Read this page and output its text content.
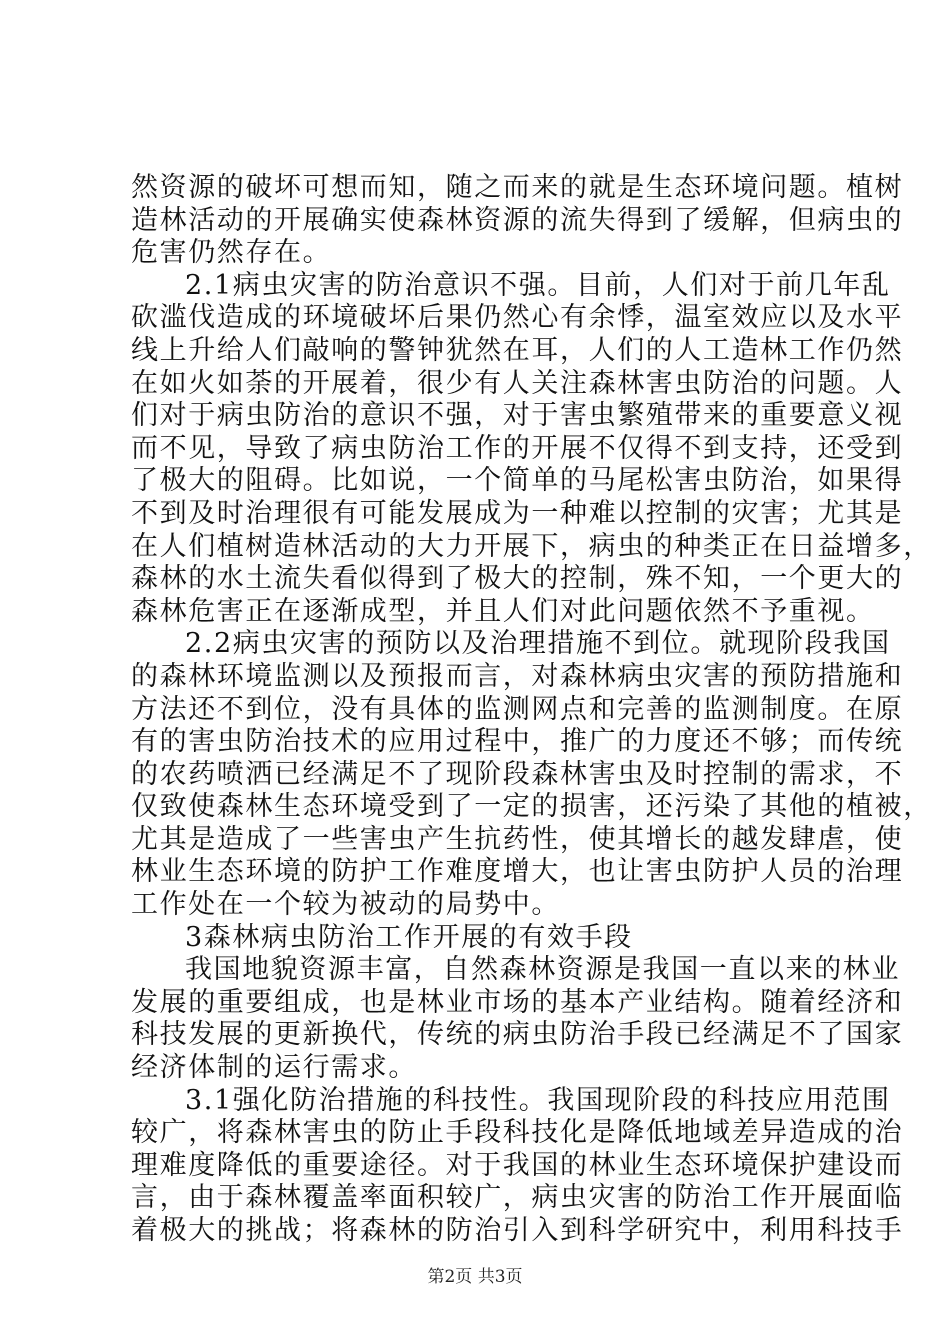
然资源的破坏可想而知，随之而来的就是生态环境问题。植树
造林活动的开展确实使森林资源的流失得到了缓解，但病虫的
危害仍然存在。
2.1病虫灾害的防治意识不强。目前，人们对于前几年乱
砍滥伐造成的环境破坏后果仍然心有余悸，温室效应以及水平
线上升给人们敲响的警钟犹然在耳，人们的人工造林工作仍然
在如火如荼的开展着，很少有人关注森林害虫防治的问题。人
们对于病虫防治的意识不强，对于害虫繁殖带来的重要意义视
而不见，导致了病虫防治工作的开展不仅得不到支持，还受到
了极大的阻碍。比如说，一个简单的马尾松害虫防治，如果得
不到及时治理很有可能发展成为一种难以控制的灾害；尤其是
在人们植树造林活动的大力开展下，病虫的种类正在日益增多，
森林的水土流失看似得到了极大的控制，殊不知，一个更大的
森林危害正在逐渐成型，并且人们对此问题依然不予重视。
2.2病虫灾害的预防以及治理措施不到位。就现阶段我国
的森林环境监测以及预报而言，对森林病虫灾害的预防措施和
方法还不到位，没有具体的监测网点和完善的监测制度。在原
有的害虫防治技术的应用过程中，推广的力度还不够；而传统
的农药喷洒已经满足不了现阶段森林害虫及时控制的需求，不
仅致使森林生态环境受到了一定的损害，还污染了其他的植被，
尤其是造成了一些害虫产生抗药性，使其增长的越发肆虐，使
林业生态环境的防护工作难度增大，也让害虫防护人员的治理
工作处在一个较为被动的局势中。
3森林病虫防治工作开展的有效手段
我国地貌资源丰富，自然森林资源是我国一直以来的林业
发展的重要组成，也是林业市场的基本产业结构。随着经济和
科技发展的更新换代，传统的病虫防治手段已经满足不了国家
经济体制的运行需求。
3.1强化防治措施的科技性。我国现阶段的科技应用范围
较广，将森林害虫的防止手段科技化是降低地域差异造成的治
理难度降低的重要途径。对于我国的林业生态环境保护建设而
言，由于森林覆盖率面积较广，病虫灾害的防治工作开展面临
着极大的挑战；将森林的防治引入到科学研究中，利用科技手
第2页 共3页
